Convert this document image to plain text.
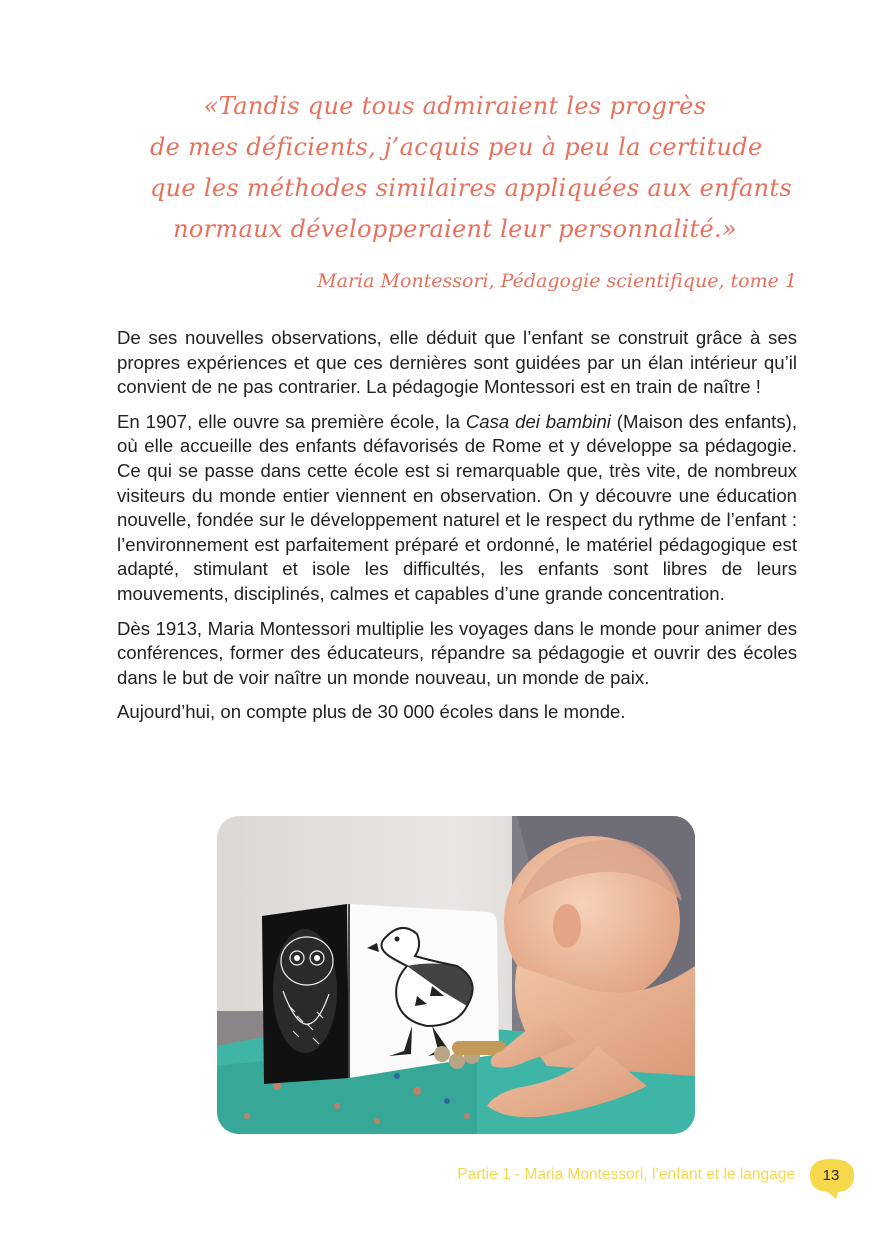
«Tandis que tous admiraient les progrès
de mes déficients, j’acquis peu à peu la certitude
que les méthodes similaires appliquées aux enfants
normaux développeraient leur personnalité.»
Maria Montessori, Pédagogie scientifique, tome 1

De ses nouvelles observations, elle déduit que l’enfant se construit grâce à ses propres expériences et que ces dernières sont guidées par un élan intérieur qu’il convient de ne pas contrarier. La pédagogie Montessori est en train de naître !

En 1907, elle ouvre sa première école, la Casa dei bambini (Maison des enfants), où elle accueille des enfants défavorisés de Rome et y développe sa pédagogie. Ce qui se passe dans cette école est si remarquable que, très vite, de nombreux visiteurs du monde entier viennent en observation. On y découvre une éducation nouvelle, fondée sur le développement naturel et le respect du rythme de l’enfant : l’environnement est parfaitement préparé et ordonné, le matériel pédagogique est adapté, stimulant et isole les difficultés, les enfants sont libres de leurs mouvements, disciplinés, calmes et capables d’une grande concentration.

Dès 1913, Maria Montessori multiplie les voyages dans le monde pour animer des conférences, former des éducateurs, répandre sa pédagogie et ouvrir des écoles dans le but de voir naître un monde nouveau, un monde de paix.

Aujourd’hui, on compte plus de 30 000 écoles dans le monde.

Partie 1 - Maria Montessori, l’enfant et le langage	13
